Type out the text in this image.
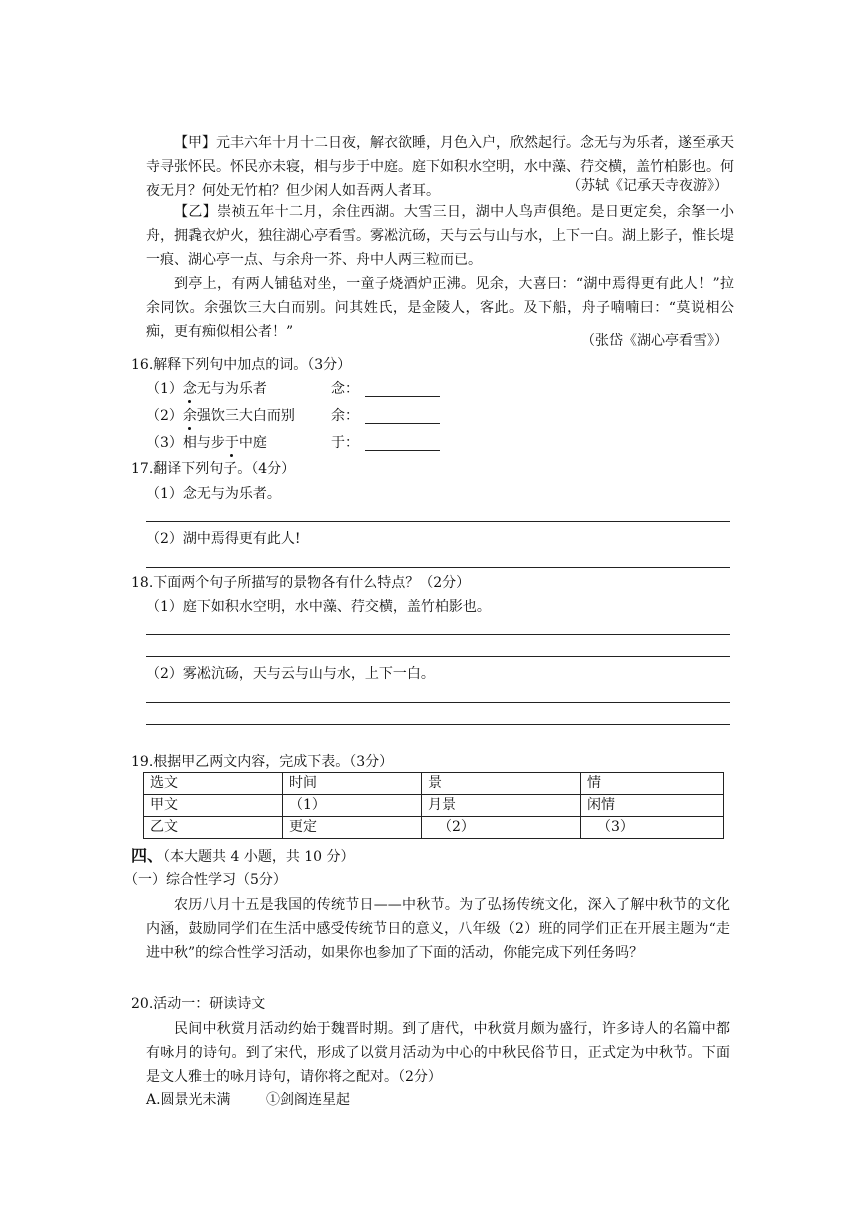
【甲】元丰六年十月十二日夜，解衣欲睡，月色入户，欣然起行。念无与为乐者，遂至承天寺寻张怀民。怀民亦未寝，相与步于中庭。庭下如积水空明，水中藻、荇交横，盖竹柏影也。何夜无月？何处无竹柏？但少闲人如吾两人者耳。	（苏轼《记承天寺夜游》）

【乙】崇祯五年十二月，余住西湖。大雪三日，湖中人鸟声俱绝。是日更定矣，余拏一小舟，拥毳衣炉火，独往湖心亭看雪。雾凇沆砀，天与云与山与水，上下一白。湖上影子，惟长堤一痕、湖心亭一点、与余舟一芥、舟中人两三粒而已。

到亭上，有两人铺毡对坐，一童子烧酒炉正沸。见余，大喜曰：“湖中焉得更有此人！”拉余同饮。余强饮三大白而别。问其姓氏，是金陵人，客此。及下船，舟子喃喃曰：“莫说相公痴，更有痴似相公者！”

（张岱《湖心亭看雪》）
16.解释下列句中加点的词。（3分）
（1）念无与为乐者	念：
（2）余强饮三大白而别	余：
（3）相与步于中庭	于：
17.翻译下列句子。（4分）
（1）念无与为乐者。
（2）湖中焉得更有此人!
18.下面两个句子所描写的景物各有什么特点？（2分）
（1）庭下如积水空明，水中藻、荇交横，盖竹柏影也。
（2）雾凇沆砀，天与云与山与水，上下一白。
19.根据甲乙两文内容，完成下表。（3分）
选文	时间	景	情
甲文	（1）	月景	闲情
乙文	更定	（2）	（3）
四、（本大题共 4 小题，共 10 分）
（一）综合性学习（5分）

农历八月十五是我国的传统节日——中秋节。为了弘扬传统文化，深入了解中秋节的文化内涵，鼓励同学们在生活中感受传统节日的意义，八年级（2）班的同学们正在开展主题为“走进中秋”的综合性学习活动，如果你也参加了下面的活动，你能完成下列任务吗？

20.活动一：研读诗文

民间中秋赏月活动约始于魏晋时期。到了唐代，中秋赏月颇为盛行，许多诗人的名篇中都有咏月的诗句。到了宋代，形成了以赏月活动为中心的中秋民俗节日，正式定为中秋节。下面是文人雅士的咏月诗句，请你将之配对。（2分）

A.圆景光未满	①剑阁连星起
